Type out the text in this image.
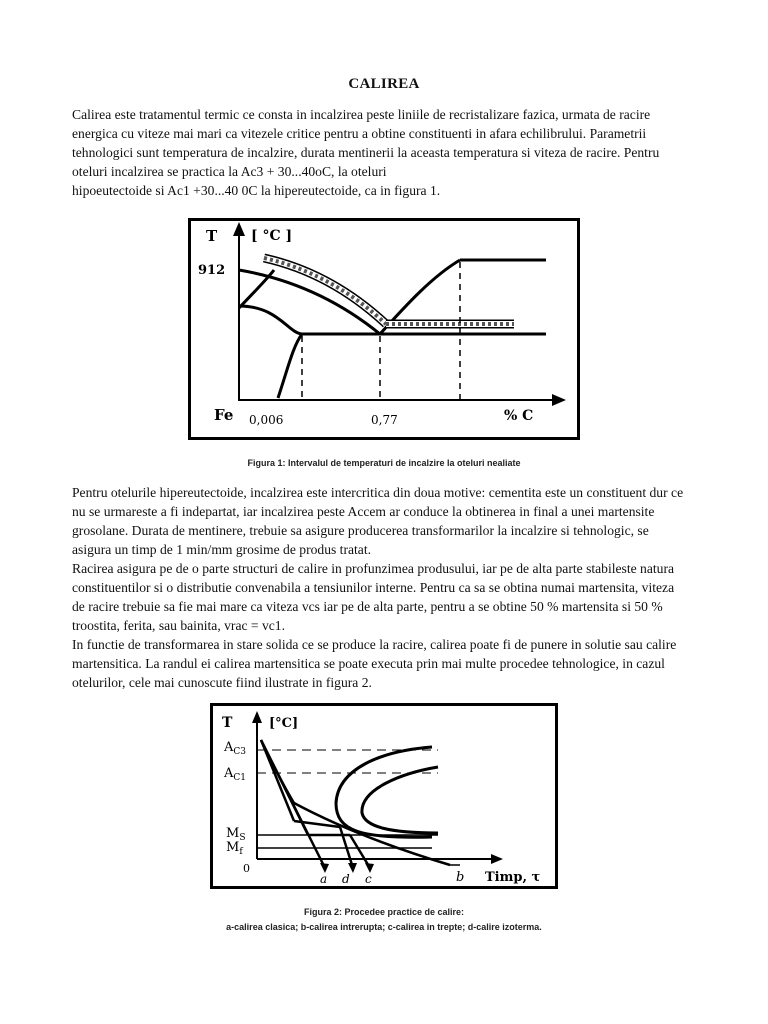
CALIREA
Calirea este tratamentul termic ce consta in incalzirea peste liniile de recristalizare fazica, urmata de racire
energica cu viteze mai mari ca vitezele critice pentru a obtine constituenti in afara echilibrului. Parametrii
tehnologici sunt temperatura de incalzire, durata mentinerii la aceasta temperatura si viteza de racire. Pentru
oteluri incalzirea se practica la Ac3 + 30...40oC, la oteluri
hipoeutectoide si Ac1 +30...40 0C la hipereutectoide, ca in figura 1.
T [ °C ]
912
Fe 0,006	0,77	% C
Figura 1: Intervalul de temperaturi de incalzire la oteluri nealiate
Pentru otelurile hipereutectoide, incalzirea este intercritica din doua motive: cementita este un constituent dur ce
nu se urmareste a fi indepartat, iar incalzirea peste Accem ar conduce la obtinerea in final a unei martensite
grosolane. Durata de mentinere, trebuie sa asigure producerea transformarilor la incalzire si tehnologic, se
asigura un timp de 1 min/mm grosime de produs tratat.
Racirea asigura pe de o parte structuri de calire in profunzimea produsului, iar pe de alta parte stabileste natura
constituentilor si o distributie convenabila a tensiunilor interne. Pentru ca sa se obtina numai martensita, viteza
de racire trebuie sa fie mai mare ca viteza vcs iar pe de alta parte, pentru a se obtine 50 % martensita si 50 %
troostita, ferita, sau bainita, vrac = vc1.
In functie de transformarea in stare solida ce se produce la racire, calirea poate fi de punere in solutie sau calire
martensitica. La randul ei calirea martensitica se poate executa prin mai multe procedee tehnologice, in cazul
otelurilor, cele mai cunoscute fiind ilustrate in figura 2.
T	[°C]
$A_{C3}$
$A_{C1}$
$M_S$
$M_f$
0
a d c	b Timp, τ
Figura 2: Procedee practice de calire:
a-calirea clasica; b-calirea intrerupta; c-calirea in trepte; d-calire izoterma.
